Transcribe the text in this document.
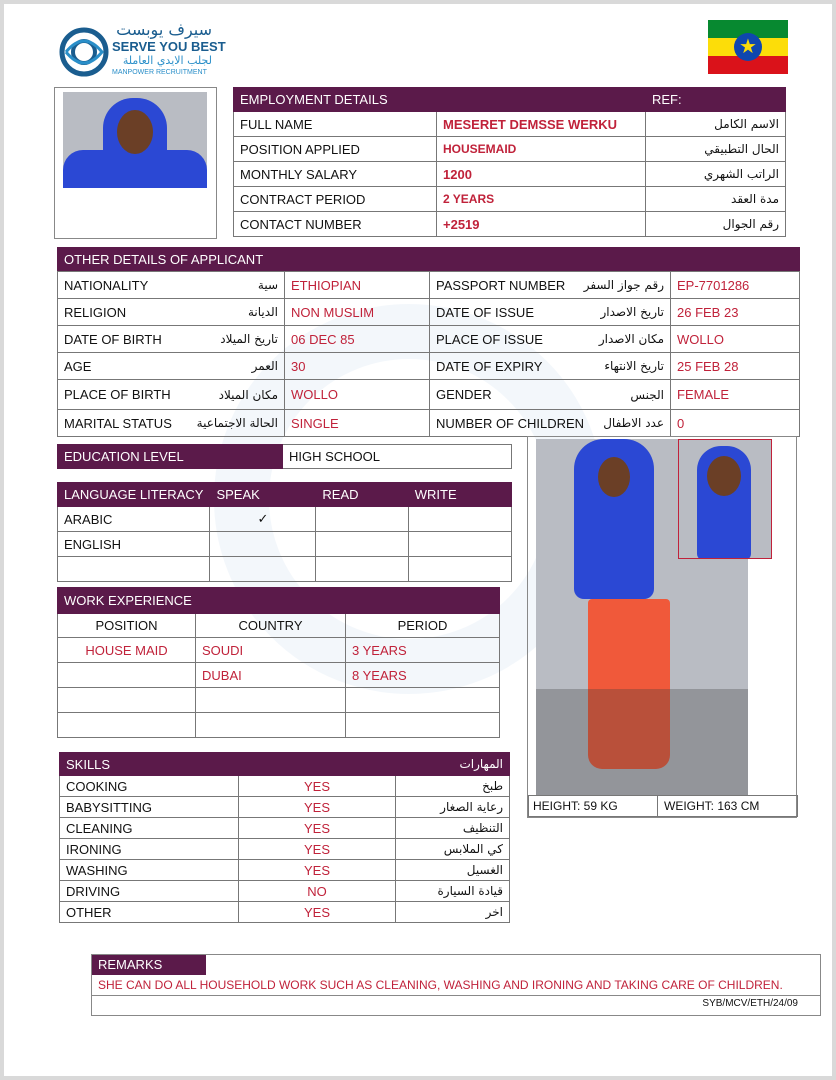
سيرف يوبست
SERVE YOU BEST
لجلب الايدي العاملة
MANPOWER RECRUITMENT
★
EMPLOYMENT DETAILS		REF:
FULL NAME	MESERET DEMSSE WERKU	الاسم الكامل
POSITION APPLIED	HOUSEMAID	الحال التطبيقي
MONTHLY SALARY	1200	الراتب الشهري
CONTRACT PERIOD	2 YEARS	مدة العقد
CONTACT NUMBER	+2519	رقم الجوال
OTHER DETAILS OF APPLICANT	
NATIONALITY سية	ETHIOPIAN	PASSPORT NUMBER رقم جواز السفر	EP-7701286

RELIGION الديانة	NON MUSLIM	DATE OF ISSUE تاريخ الاصدار	26 FEB 23

DATE OF BIRTH تاريخ الميلاد	06 DEC 85	PLACE OF ISSUE مكان الاصدار	WOLLO

AGE العمر	30	DATE OF EXPIRY تاريخ الانتهاء	25 FEB 28

PLACE OF BIRTH مكان الميلاد	WOLLO	GENDER الجنس	FEMALE

MARITAL STATUS الحالة الاجتماعية	SINGLE	NUMBER OF CHILDREN عدد الاطفال	0
EDUCATION LEVEL	HIGH SCHOOL
LANGUAGE LITERACY	SPEAK	READ	WRITE
ARABIC	✓		
ENGLISH			

WORK EXPERIENCE		
POSITION	COUNTRY	PERIOD
HOUSE MAID	SOUDI	3 YEARS
	DUBAI	8 YEARS

SKILLS		المهارات
COOKING	YES	طبخ
BABYSITTING	YES	رعاية الصغار
CLEANING	YES	التنظيف
IRONING	YES	كي الملابس
WASHING	YES	الغسيل
DRIVING	NO	قيادة السيارة
OTHER	YES	اخر
HEIGHT: 59 KG	WEIGHT: 163 CM
REMARKS
SHE CAN DO ALL HOUSEHOLD WORK SUCH AS CLEANING, WASHING AND IRONING AND TAKING CARE OF CHILDREN.
SYB/MCV/ETH/24/09
